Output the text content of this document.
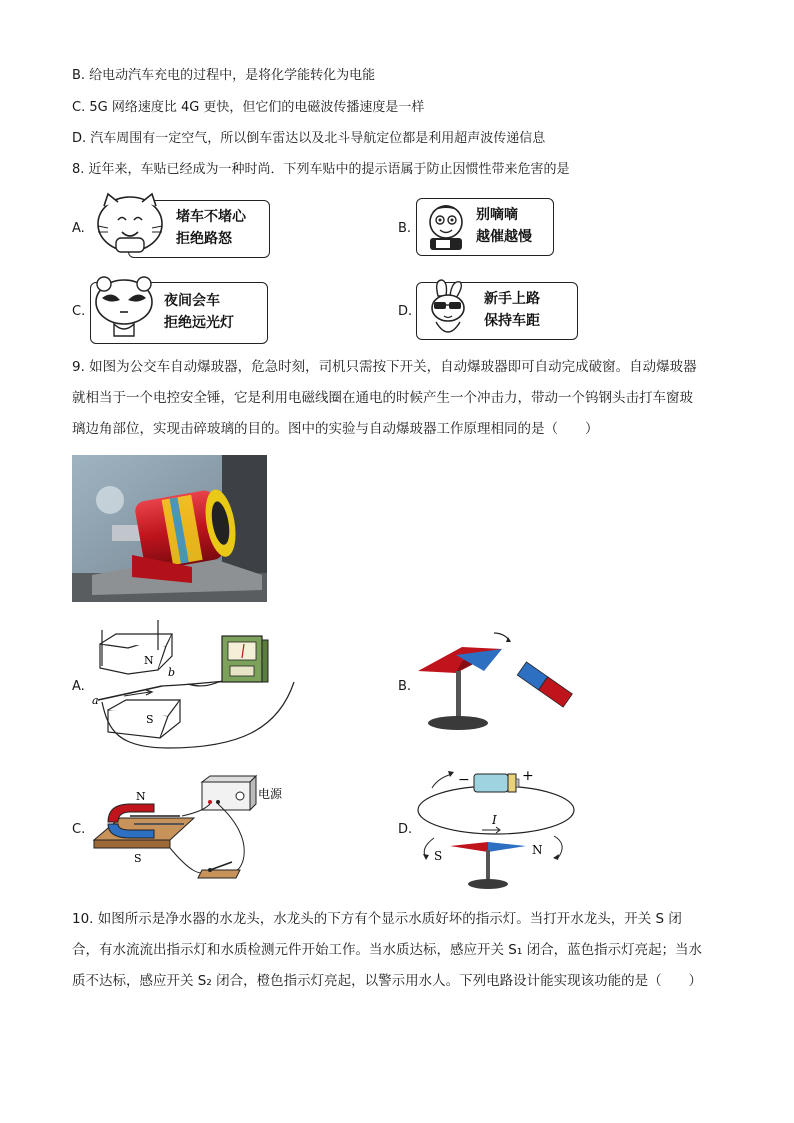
B. 给电动汽车充电的过程中，是将化学能转化为电能
C. 5G 网络速度比 4G 更快，但它们的电磁波传播速度是一样
D. 汽车周围有一定空气，所以倒车雷达以及北斗导航定位都是利用超声波传递信息
8. 近年来，车贴已经成为一种时尚．下列车贴中的提示语属于防止因惯性带来危害的是
A.
堵车不堵心
拒绝路怒
B.
别嘀嘀
越催越慢
C.
夜间会车
拒绝远光灯
D.
新手上路
保持车距
9. 如图为公交车自动爆玻器，危急时刻，司机只需按下开关，自动爆玻器即可自动完成破窗。自动爆玻器
就相当于一个电控安全锤，它是利用电磁线圈在通电的时候产生一个冲击力，带动一个钨钢头击打车窗玻
璃边角部位，实现击碎玻璃的目的。图中的实验与自动爆玻器工作原理相同的是（　　）
A.
N
S
a
b
B.
C.
N
S
电源
D.
−	+
I
S	N
10. 如图所示是净水器的水龙头，水龙头的下方有个显示水质好坏的指示灯。当打开水龙头，开关 S 闭
合，有水流流出指示灯和水质检测元件开始工作。当水质达标，感应开关 S₁ 闭合，蓝色指示灯亮起；当水
质不达标，感应开关 S₂ 闭合，橙色指示灯亮起，以警示用水人。下列电路设计能实现该功能的是（　　）
